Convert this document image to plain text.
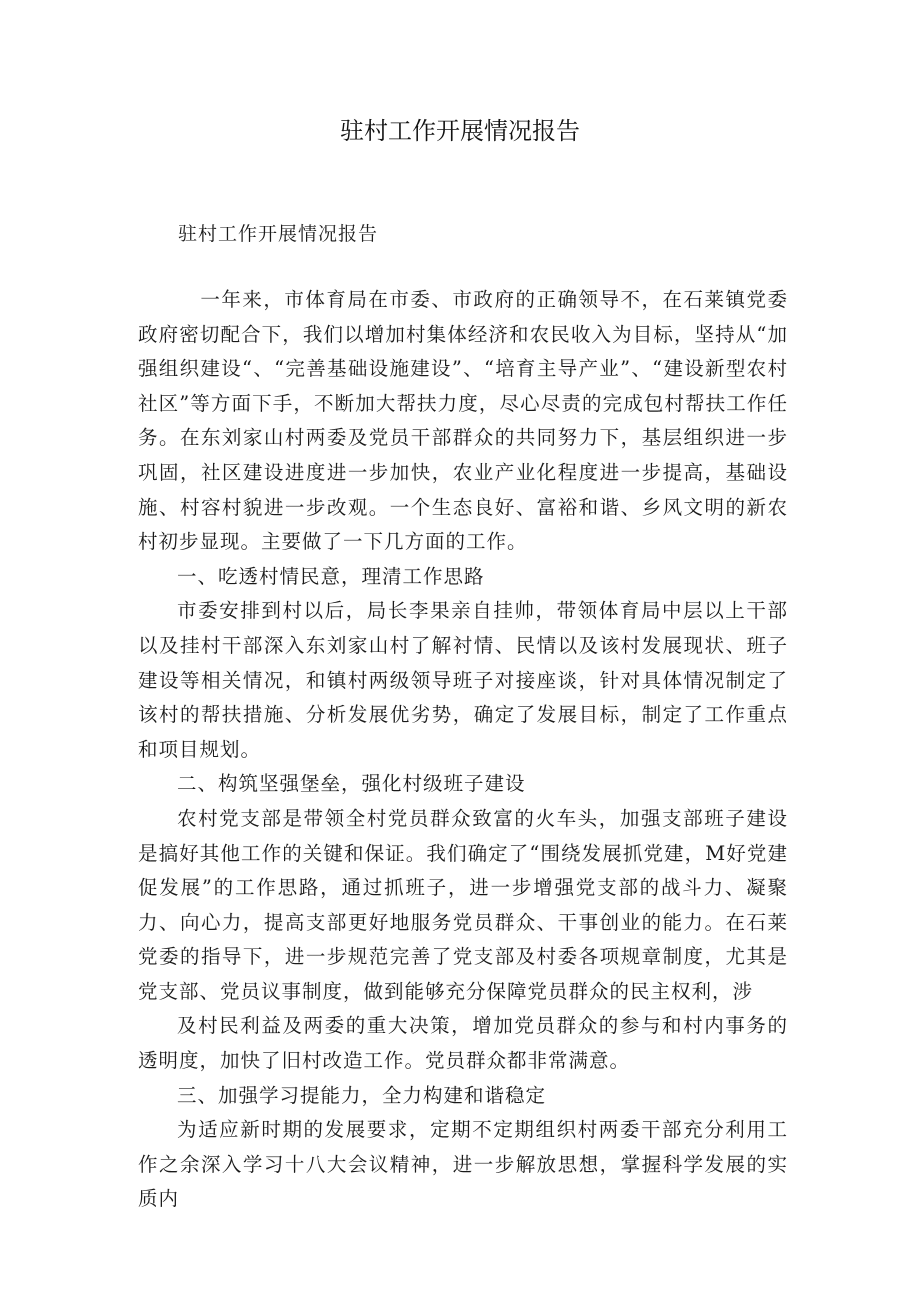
驻村工作开展情况报告
驻村工作开展情况报告

一年来，市体育局在市委、市政府的正确领导不，在石莱镇党委政府密切配合下，我们以增加村集体经济和农民收入为目标，坚持从“加强组织建设“、“完善基础设施建设”、“培育主导产业”、“建设新型农村社区”等方面下手，不断加大帮扶力度，尽心尽责的完成包村帮扶工作任务。在东刘家山村两委及党员干部群众的共同努力下，基层组织进一步巩固，社区建设进度进一步加快，农业产业化程度进一步提高，基础设施、村容村貌进一步改观。一个生态良好、富裕和谐、乡风文明的新农村初步显现。主要做了一下几方面的工作。

一、吃透村情民意，理清工作思路

市委安排到村以后，局长李果亲自挂帅，带领体育局中层以上干部以及挂村干部深入东刘家山村了解衬情、民情以及该村发展现状、班子建设等相关情况，和镇村两级领导班子对接座谈，针对具体情况制定了该村的帮扶措施、分析发展优劣势，确定了发展目标，制定了工作重点和项目规划。

二、构筑坚强堡垒，强化村级班子建设

农村党支部是带领全村党员群众致富的火车头，加强支部班子建设是搞好其他工作的关键和保证。我们确定了“围绕发展抓党建，M好党建促发展”的工作思路，通过抓班子，进一步增强党支部的战斗力、凝聚力、向心力，提高支部更好地服务党员群众、干事创业的能力。在石莱党委的指导下，进一步规范完善了党支部及村委各项规章制度，尤其是党支部、党员议事制度，做到能够充分保障党员群众的民主权利，涉

及村民利益及两委的重大决策，增加党员群众的参与和村内事务的透明度，加快了旧村改造工作。党员群众都非常满意。

三、加强学习提能力，全力构建和谐稳定

为适应新时期的发展要求，定期不定期组织村两委干部充分利用工作之余深入学习十八大会议精神，进一步解放思想，掌握科学发展的实质内
